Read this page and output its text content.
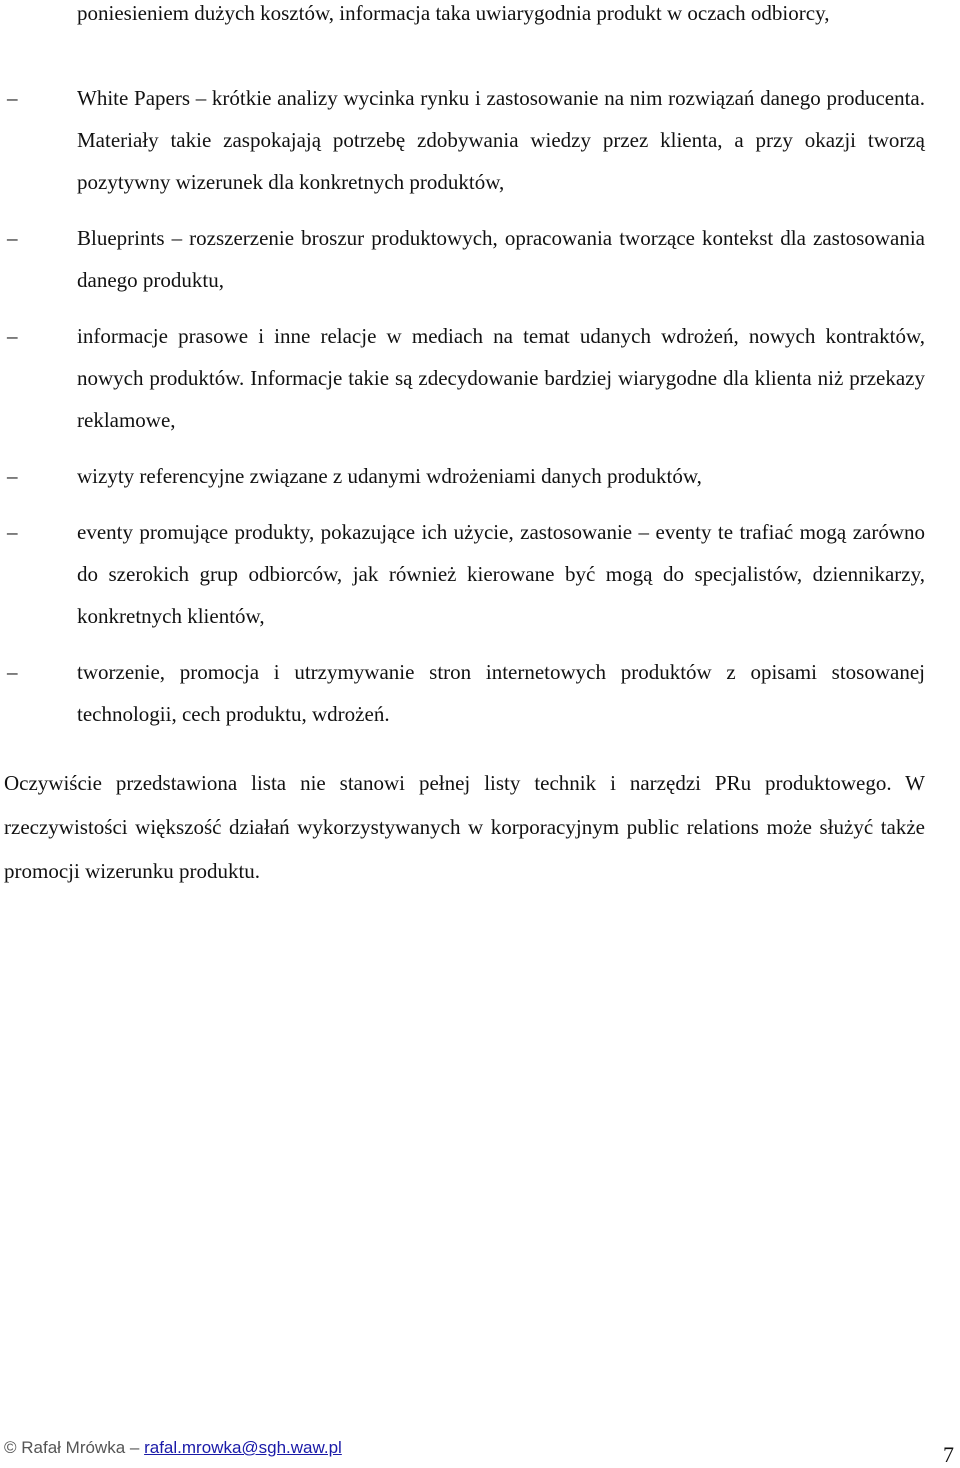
poniesieniem dużych kosztów, informacja taka uwiarygodnia produkt w oczach odbiorcy,

–	White Papers – krótkie analizy wycinka rynku i zastosowanie na nim rozwiązań danego producenta. Materiały takie zaspokajają potrzebę zdobywania wiedzy przez klienta, a przy okazji tworzą pozytywny wizerunek dla konkretnych produktów,
–	Blueprints – rozszerzenie broszur produktowych, opracowania tworzące kontekst dla zastosowania danego produktu,
–	informacje prasowe i inne relacje w mediach na temat udanych wdrożeń, nowych kontraktów, nowych produktów. Informacje takie są zdecydowanie bardziej wiarygodne dla klienta niż przekazy reklamowe,
–	wizyty referencyjne związane z udanymi wdrożeniami danych produktów,
–	eventy promujące produkty, pokazujące ich użycie, zastosowanie – eventy te trafiać mogą zarówno do szerokich grup odbiorców, jak również kierowane być mogą do specjalistów, dziennikarzy, konkretnych klientów,
–	tworzenie, promocja i utrzymywanie stron internetowych produktów z opisami stosowanej technologii, cech produktu, wdrożeń.

Oczywiście przedstawiona lista nie stanowi pełnej listy technik i narzędzi PRu produktowego. W rzeczywistości większość działań wykorzystywanych w korporacyjnym public relations może służyć także promocji wizerunku produktu.

© Rafał Mrówka – rafal.mrowka@sgh.waw.pl	7
